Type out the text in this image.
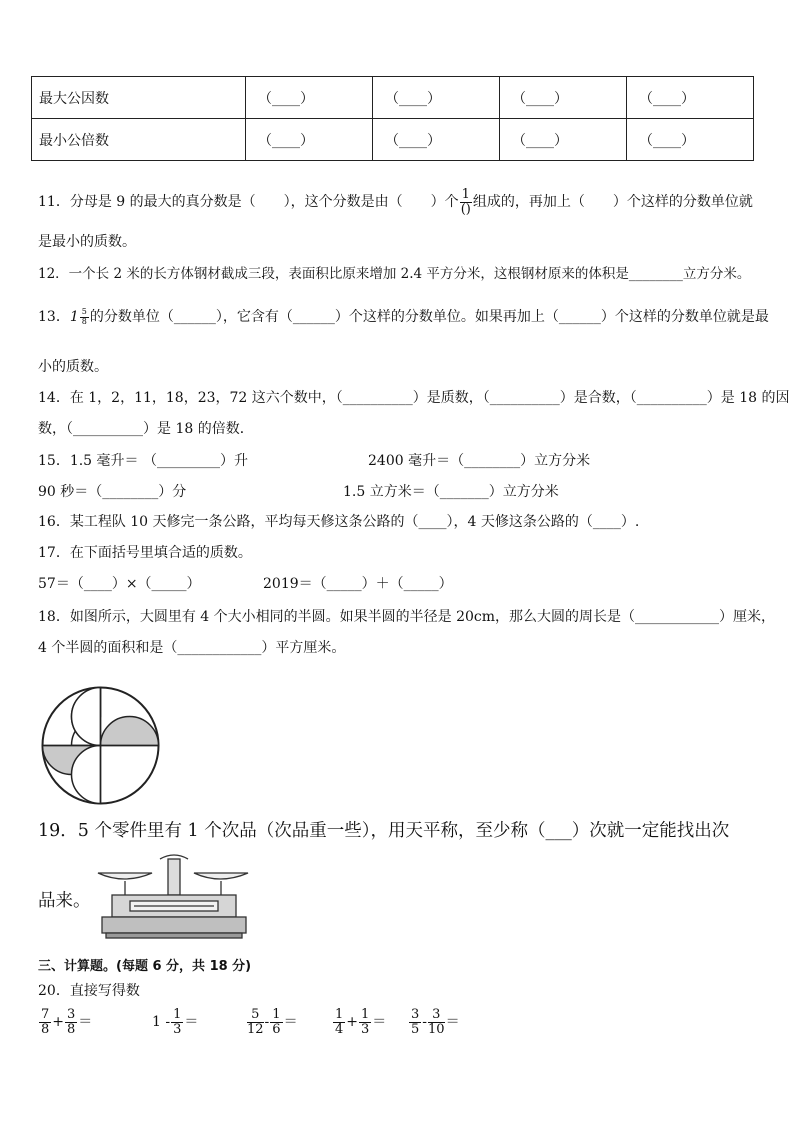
最大公因数	（____）	（____）	（____）	（____）
最小公倍数	（____）	（____）	（____）	（____）
11．分母是 9 的最大的真分数是（　　），这个分数是由（　　）个 $\frac{1}{()}$ 组成的，再加上（　　）个这样的分数单位就
是最小的质数。
12．一个长 2 米的长方体钢材截成三段，表面积比原来增加 2.4 平方分米，这根钢材原来的体积是________立方分米。
13．$1 \frac{5}{8}$ 的分数单位（______），它含有（______）个这样的分数单位。如果再加上（______）个这样的分数单位就是最
小的质数。
14．在 1，2，11，18，23，72 这六个数中，（__________）是质数，（__________）是合数，（__________）是 18 的因
数，（__________）是 18 的倍数．
15．1.5 毫升＝ （_________）升	2400 毫升＝（________）立方分米
90 秒＝（________）分	1.5 立方米＝（_______）立方分米
16．某工程队 10 天修完一条公路，平均每天修这条公路的（____），4 天修这条公路的（____）.
17．在下面括号里填合适的质数。
57＝（____）×（_____）	2019＝（_____）＋（_____）
18．如图所示，大圆里有 4 个大小相同的半圆。如果半圆的半径是 20cm，那么大圆的周长是（____________）厘米，
4 个半圆的面积和是（____________）平方厘米。
19．5 个零件里有 1 个次品（次品重一些），用天平称，至少称（___）次就一定能找出次
品来。
三、计算题。(每题 6 分，共 18 分)
20．直接写得数
$\frac{7}{8} + \frac{3}{8}$ ＝	$1 - \frac{1}{3}$ ＝	$\frac{5}{12} - \frac{1}{6}$ ＝	$\frac{1}{4} + \frac{1}{3} = \frac{3}{5} - \frac{3}{10}$ ＝
